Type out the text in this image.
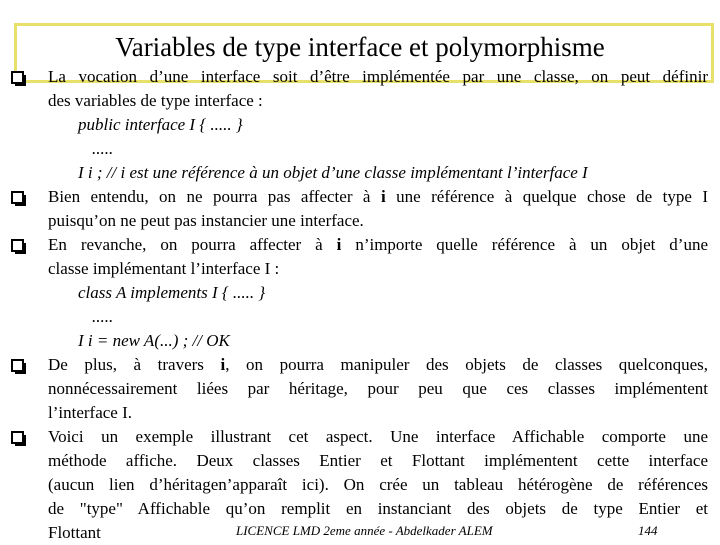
Variables de type interface et polymorphisme
La vocation d’une interface soit d’être implémentée par une classe, on peut définir
des variables de type interface :
public interface I { ..... }
.....
I i ; // i est une référence à un objet d’une classe implémentant l’interface I
Bien entendu, on ne pourra pas affecter à i une référence à quelque chose de type I
puisqu’on ne peut pas instancier une interface.
En revanche, on pourra affecter à i n’importe quelle référence à un objet d’une
classe implémentant l’interface I :
class A implements I { ..... }
.....
I i = new A(...) ; // OK
De plus, à travers i, on pourra manipuler des objets de classes quelconques,
nonnécessairement liées par héritage, pour peu que ces classes implémentent
l’interface I.
Voici un exemple illustrant cet aspect. Une interface Affichable comporte une
méthode affiche. Deux classes Entier et Flottant implémentent cette interface
(aucun lien d’héritagen’apparaît ici). On crée un tableau hétérogène de références
de "type" Affichable qu’on remplit en instanciant des objets de type Entier et
Flottant	LICENCE LMD 2eme année - Abdelkader ALEM	144
